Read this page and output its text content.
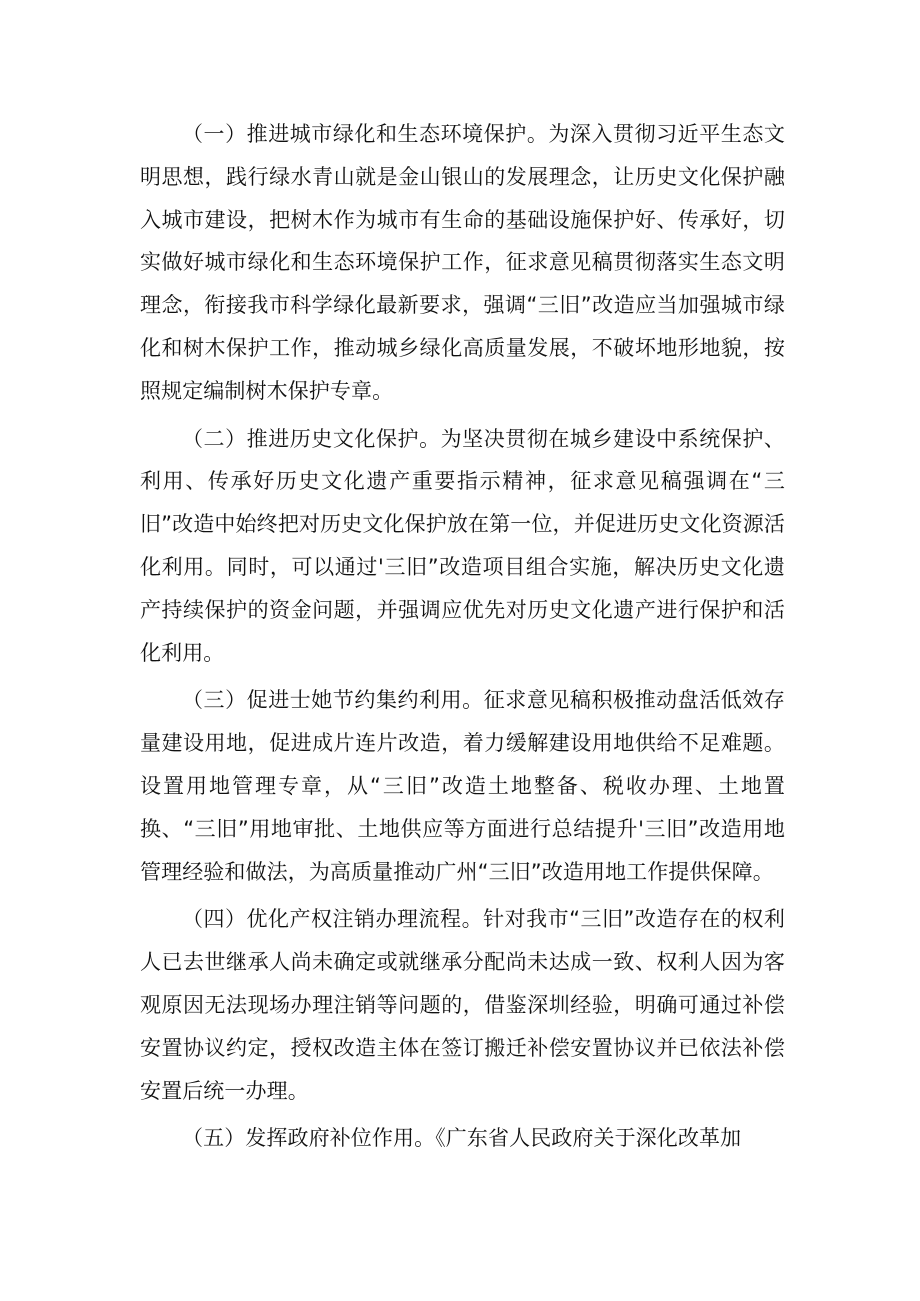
（一）推进城市绿化和生态环境保护。为深入贯彻习近平生态文明思想，践行绿水青山就是金山银山的发展理念，让历史文化保护融入城市建设，把树木作为城市有生命的基础设施保护好、传承好，切实做好城市绿化和生态环境保护工作，征求意见稿贯彻落实生态文明理念，衔接我市科学绿化最新要求，强调“三旧”改造应当加强城市绿化和树木保护工作，推动城乡绿化高质量发展，不破坏地形地貌，按照规定编制树木保护专章。

（二）推进历史文化保护。为坚决贯彻在城乡建设中系统保护、利用、传承好历史文化遗产重要指示精神，征求意见稿强调在“三旧”改造中始终把对历史文化保护放在第一位，并促进历史文化资源活化利用。同时，可以通过'三旧”改造项目组合实施，解决历史文化遗产持续保护的资金问题，并强调应优先对历史文化遗产进行保护和活化利用。

（三）促进士她节约集约利用。征求意见稿积极推动盘活低效存量建设用地，促进成片连片改造，着力缓解建设用地供给不足难题。设置用地管理专章，从“三旧”改造土地整备、税收办理、土地置换、“三旧”用地审批、土地供应等方面进行总结提升'三旧”改造用地管理经验和做法，为高质量推动广州“三旧”改造用地工作提供保障。

（四）优化产权注销办理流程。针对我市“三旧”改造存在的权利人已去世继承人尚未确定或就继承分配尚未达成一致、权利人因为客观原因无法现场办理注销等问题的，借鉴深圳经验，明确可通过补偿安置协议约定，授权改造主体在签订搬迁补偿安置协议并已依法补偿安置后统一办理。

（五）发挥政府补位作用。《广东省人民政府关于深化改革加
